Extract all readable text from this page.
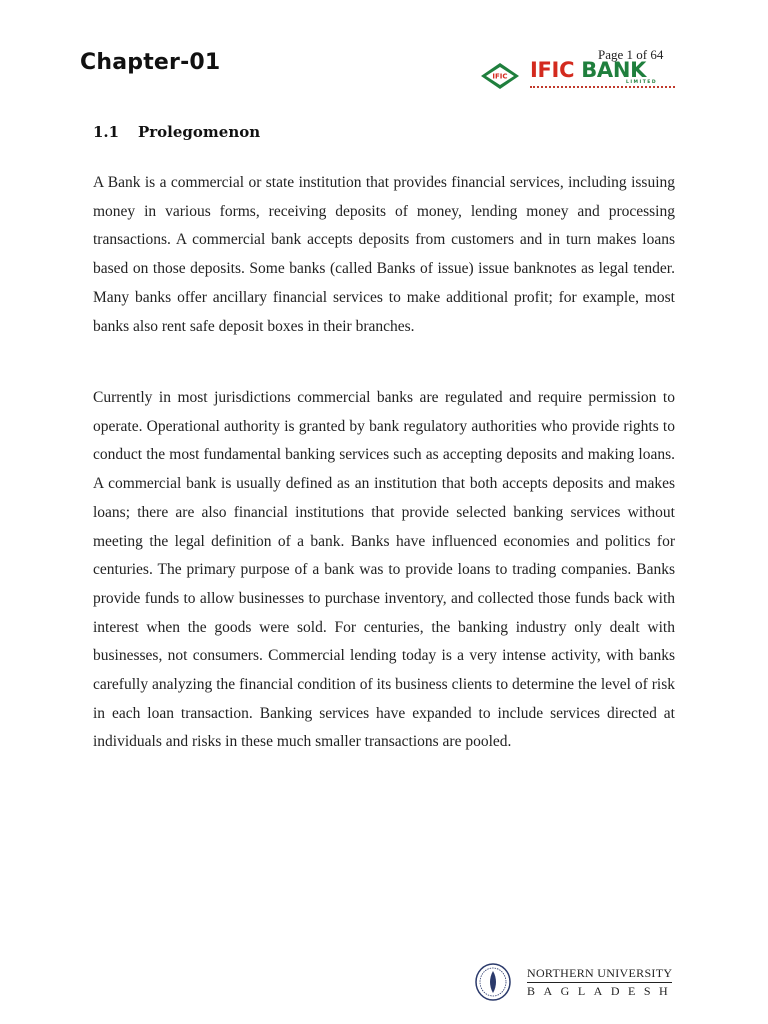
Chapter-01	Page 1 of 64
IFIC IFIC BANK
LIMITED
1.1 Prolegomenon

A Bank is a commercial or state institution that provides financial services, including issuing money in various forms, receiving deposits of money, lending money and processing transactions. A commercial bank accepts deposits from customers and in turn makes loans based on those deposits. Some banks (called Banks of issue) issue banknotes as legal tender. Many banks offer ancillary financial services to make additional profit; for example, most banks also rent safe deposit boxes in their branches.

Currently in most jurisdictions commercial banks are regulated and require permission to operate. Operational authority is granted by bank regulatory authorities who provide rights to conduct the most fundamental banking services such as accepting deposits and making loans. A commercial bank is usually defined as an institution that both accepts deposits and makes loans; there are also financial institutions that provide selected banking services without meeting the legal definition of a bank. Banks have influenced economies and politics for centuries. The primary purpose of a bank was to provide loans to trading companies. Banks provide funds to allow businesses to purchase inventory, and collected those funds back with interest when the goods were sold. For centuries, the banking industry only dealt with businesses, not consumers. Commercial lending today is a very intense activity, with banks carefully analyzing the financial condition of its business clients to determine the level of risk in each loan transaction. Banking services have expanded to include services directed at individuals and risks in these much smaller transactions are pooled.

NORTHERN UNIVERSITY
BAGLADESH
